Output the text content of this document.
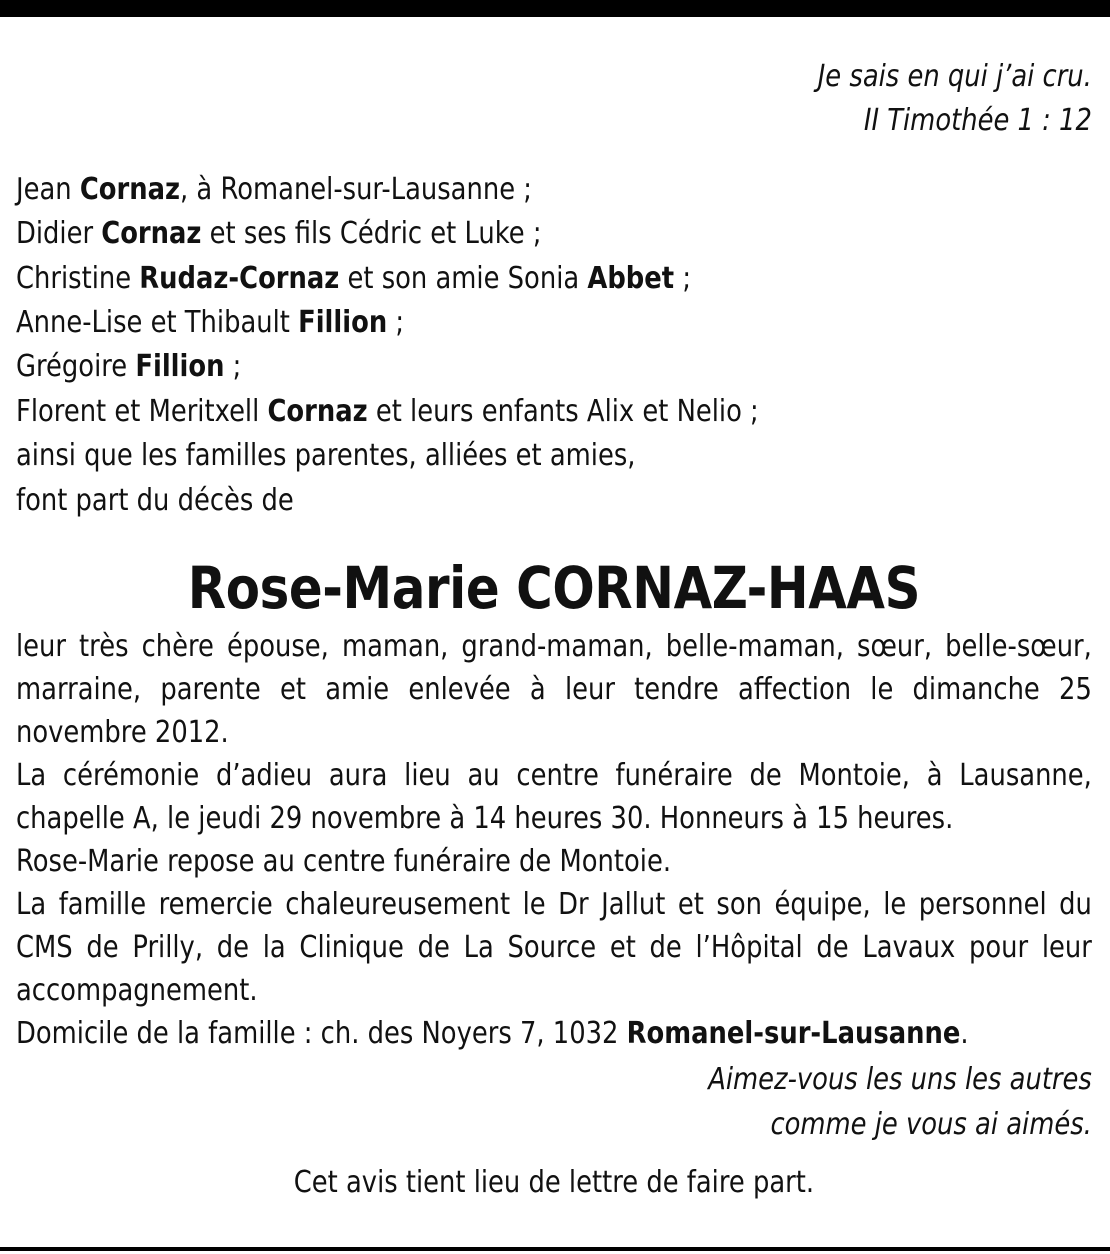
Je sais en qui j’ai cru.
II Timothée 1 : 12
Jean Cornaz, à Romanel-sur-Lausanne ;
Didier Cornaz et ses fils Cédric et Luke ;
Christine Rudaz-Cornaz et son amie Sonia Abbet ;
Anne-Lise et Thibault Fillion ;
Grégoire Fillion ;
Florent et Meritxell Cornaz et leurs enfants Alix et Nelio ;
ainsi que les familles parentes, alliées et amies,
font part du décès de
Rose-Marie CORNAZ-HAAS
leur très chère épouse, maman, grand-maman, belle-maman, sœur, belle-sœur, marraine, parente et amie enlevée à leur tendre affection le dimanche 25 novembre 2012.
La cérémonie d’adieu aura lieu au centre funéraire de Montoie, à Lausanne, chapelle A, le jeudi 29 novembre à 14 heures 30. Honneurs à 15 heures.
Rose-Marie repose au centre funéraire de Montoie.
La famille remercie chaleureusement le Dr Jallut et son équipe, le personnel du CMS de Prilly, de la Clinique de La Source et de l’Hôpital de Lavaux pour leur accompagnement.
Domicile de la famille : ch. des Noyers 7, 1032 Romanel-sur-Lausanne.
Aimez-vous les uns les autres
comme je vous ai aimés.
Cet avis tient lieu de lettre de faire part.
